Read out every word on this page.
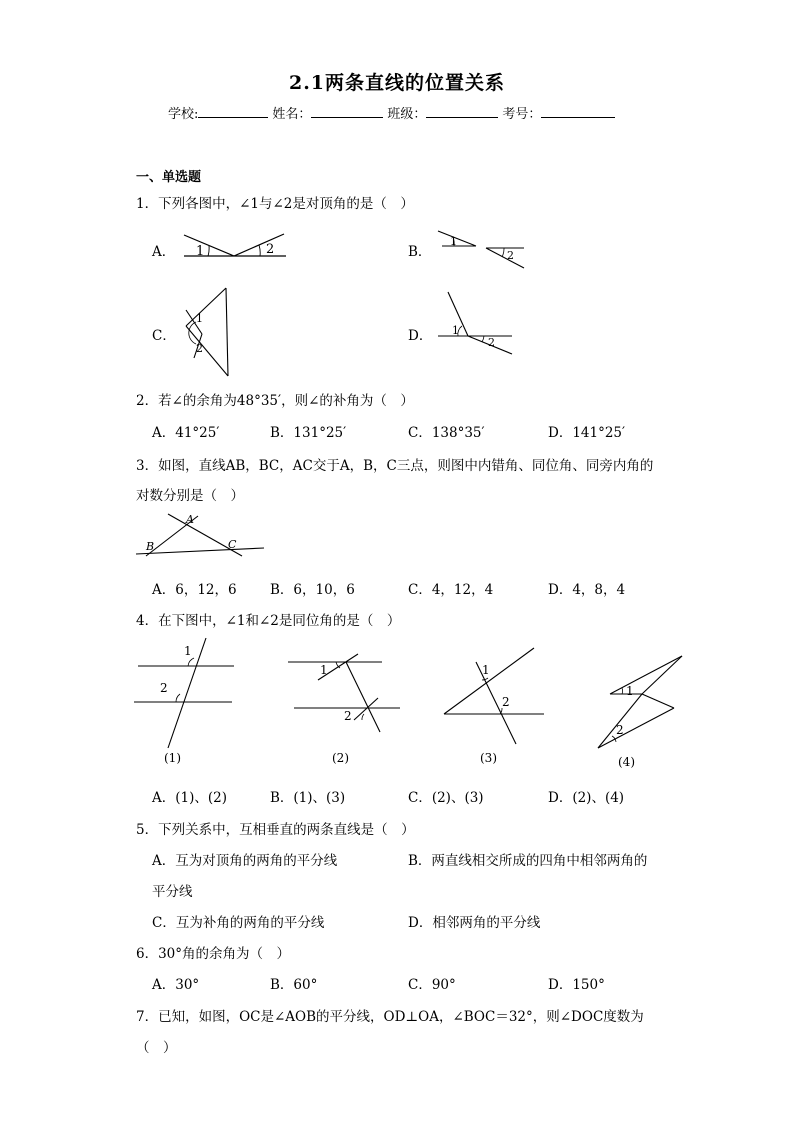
2.1两条直线的位置关系
学校:	姓名：	班级：	考号：
一、单选题
1．下列各图中，∠1与∠2是对顶角的是（　）
A． 1	2	B．
1
2
C．
1
2
D． 1
2
2．若∠的余角为48°35′，则∠的补角为（　）
A．41°25′	B．131°25′	C．138°35′	D．141°25′
3．如图，直线AB，BC，AC交于A，B，C三点，则图中内错角、同位角、同旁内角的
对数分别是（　）
A
B	C
A．6，12，6 B．6，10，6	C．4，12，4	D．4，8，4
4．在下图中，∠1和∠2是同位角的是（　）
1
2
(1)
1
2
(2)
1
2
(3)
1
2
(4)
A．(1)、(2)	B．(1)、(3)	C．(2)、(3)	D．(2)、(4)
5．下列关系中，互相垂直的两条直线是（　）
A．互为对顶角的两角的平分线	B．两直线相交所成的四角中相邻两角的
平分线
C．互为补角的两角的平分线	D．相邻两角的平分线
6．30°角的余角为（　）
A．30°	B．60°	C．90°	D．150°
7．已知，如图，OC是∠AOB的平分线，OD⊥OA，∠BOC＝32°，则∠DOC度数为
（　）
